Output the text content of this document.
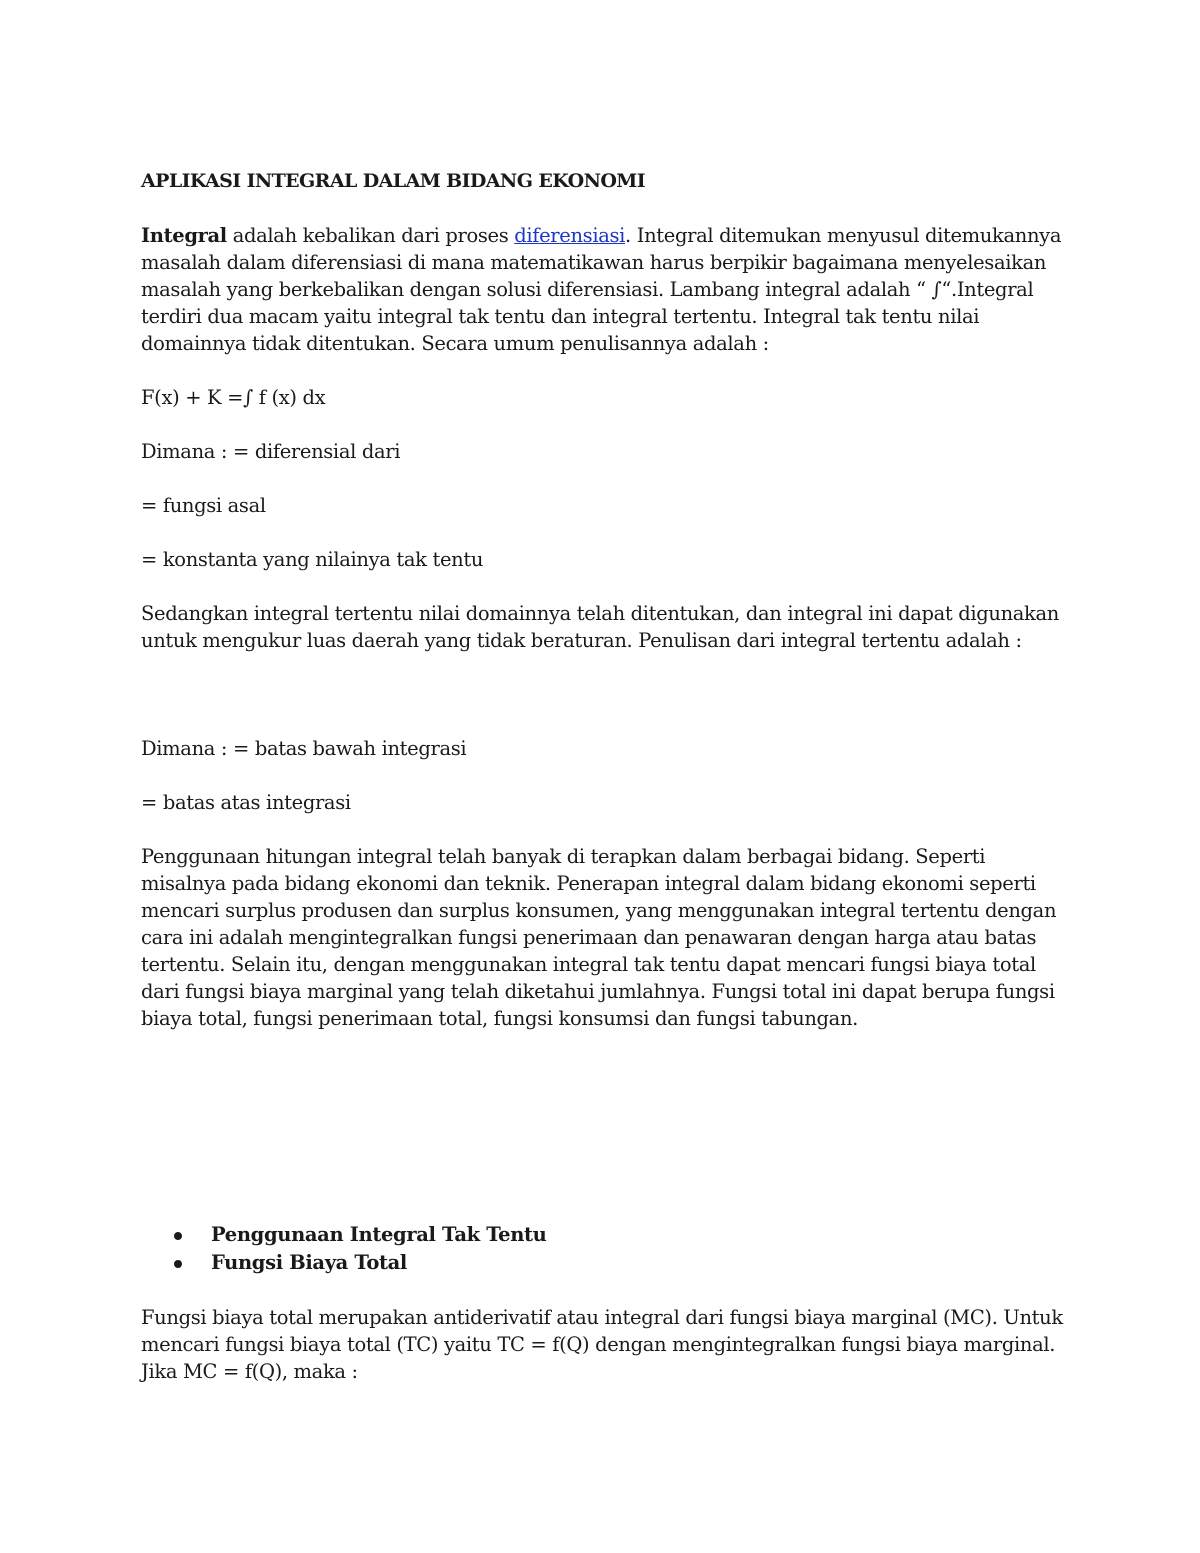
APLIKASI INTEGRAL DALAM BIDANG EKONOMI

Integral adalah kebalikan dari proses diferensiasi. Integral ditemukan menyusul ditemukannya masalah dalam diferensiasi di mana matematikawan harus berpikir bagaimana menyelesaikan masalah yang berkebalikan dengan solusi diferensiasi. Lambang integral adalah “ ∫“.Integral terdiri dua macam yaitu integral tak tentu dan integral tertentu. Integral tak tentu nilai domainnya tidak ditentukan. Secara umum penulisannya adalah :

F(x) + K =∫ f (x) dx

Dimana : = diferensial dari

= fungsi asal

= konstanta yang nilainya tak tentu

Sedangkan integral tertentu nilai domainnya telah ditentukan, dan integral ini dapat digunakan untuk mengukur luas daerah yang tidak beraturan. Penulisan dari integral tertentu adalah :

Dimana : = batas bawah integrasi

= batas atas integrasi

Penggunaan hitungan integral telah banyak di terapkan dalam berbagai bidang. Seperti misalnya pada bidang ekonomi dan teknik. Penerapan integral dalam bidang ekonomi seperti mencari surplus produsen dan surplus konsumen, yang menggunakan integral tertentu dengan cara ini adalah mengintegralkan fungsi penerimaan dan penawaran dengan harga atau batas tertentu. Selain itu, dengan menggunakan integral tak tentu dapat mencari fungsi biaya total dari fungsi biaya marginal yang telah diketahui jumlahnya. Fungsi total ini dapat berupa fungsi biaya total, fungsi penerimaan total, fungsi konsumsi dan fungsi tabungan.

Penggunaan Integral Tak Tentu
Fungsi Biaya Total

Fungsi biaya total merupakan antiderivatif atau integral dari fungsi biaya marginal (MC). Untuk mencari fungsi biaya total (TC) yaitu TC = f(Q) dengan mengintegralkan fungsi biaya marginal. Jika MC = f(Q), maka :
